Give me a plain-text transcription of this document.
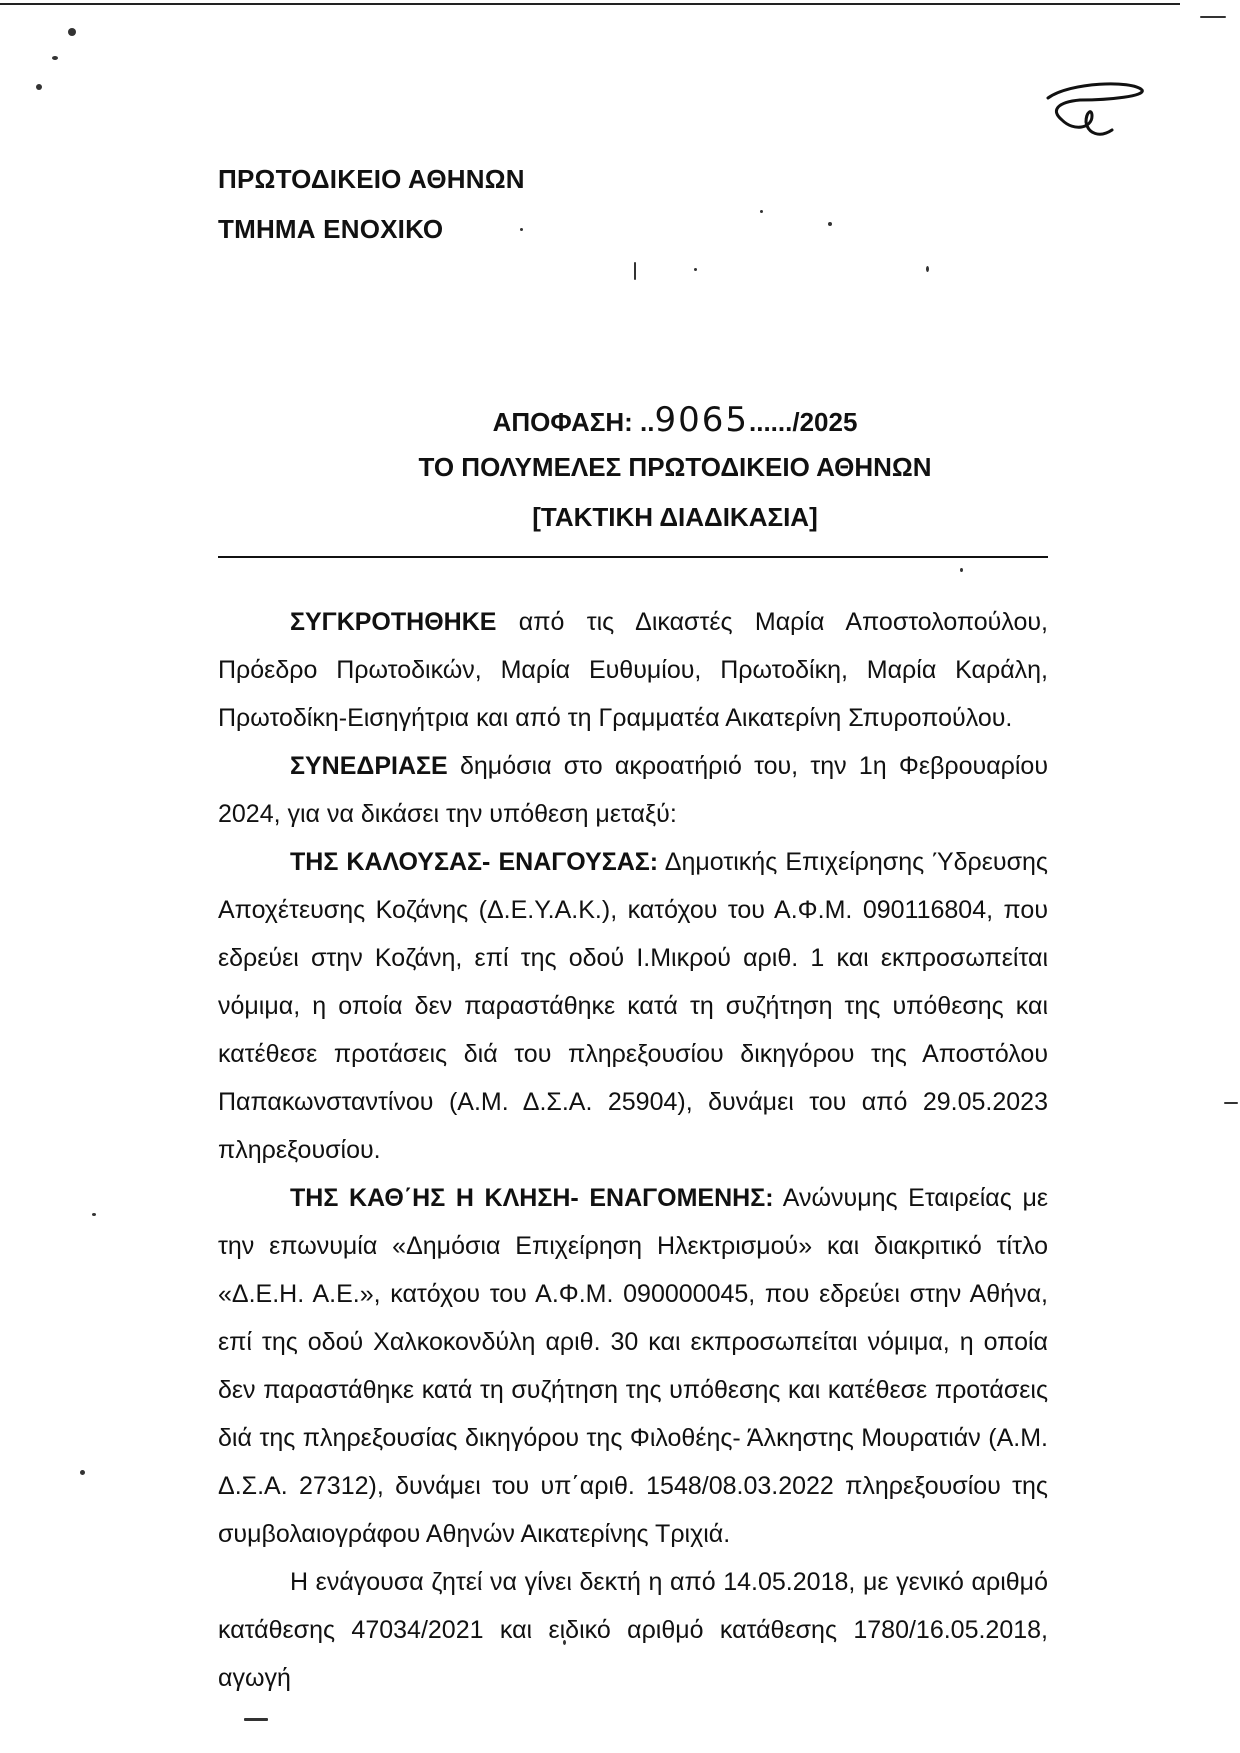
ΠΡΩΤΟΔΙΚΕΙΟ ΑΘΗΝΩΝ
ΤΜΗΜΑ ΕΝΟΧΙΚΟ
ΑΠΟΦΑΣΗ: ..9065....../2025
ΤΟ ΠΟΛΥΜΕΛΕΣ ΠΡΩΤΟΔΙΚΕΙΟ ΑΘΗΝΩΝ
[ΤΑΚΤΙΚΗ ΔΙΑΔΙΚΑΣΙΑ]

ΣΥΓΚΡΟΤΗΘΗΚΕ από τις Δικαστές Μαρία Αποστολοπούλου, Πρόεδρο Πρωτοδικών, Μαρία Ευθυμίου, Πρωτοδίκη, Μαρία Καράλη, Πρωτοδίκη-Εισηγήτρια και από τη Γραμματέα Αικατερίνη Σπυροπούλου.

ΣΥΝΕΔΡΙΑΣΕ δημόσια στο ακροατήριό του, την 1η Φεβρουαρίου 2024, για να δικάσει την υπόθεση μεταξύ:

ΤΗΣ ΚΑΛΟΥΣΑΣ- ΕΝΑΓΟΥΣΑΣ: Δημοτικής Επιχείρησης Ύδρευσης Αποχέτευσης Κοζάνης (Δ.Ε.Υ.Α.Κ.), κατόχου του Α.Φ.Μ. 090116804, που εδρεύει στην Κοζάνη, επί της οδού Ι.Μικρού αριθ. 1 και εκπροσωπείται νόμιμα, η οποία δεν παραστάθηκε κατά τη συζήτηση της υπόθεσης και κατέθεσε προτάσεις διά του πληρεξουσίου δικηγόρου της Αποστόλου Παπακωνσταντίνου (Α.Μ. Δ.Σ.Α. 25904), δυνάμει του από 29.05.2023 πληρεξουσίου.

ΤΗΣ ΚΑΘ΄ΗΣ Η ΚΛΗΣΗ- ΕΝΑΓΟΜΕΝΗΣ: Ανώνυμης Εταιρείας με την επωνυμία «Δημόσια Επιχείρηση Ηλεκτρισμού» και διακριτικό τίτλο «Δ.Ε.Η. Α.Ε.», κατόχου του Α.Φ.Μ. 090000045, που εδρεύει στην Αθήνα, επί της οδού Χαλκοκονδύλη αριθ. 30 και εκπροσωπείται νόμιμα, η οποία δεν παραστάθηκε κατά τη συζήτηση της υπόθεσης και κατέθεσε προτάσεις διά της πληρεξουσίας δικηγόρου της Φιλοθέης- Άλκηστης Μουρατιάν (Α.Μ. Δ.Σ.Α. 27312), δυνάμει του υπ΄αριθ. 1548/08.03.2022 πληρεξουσίου της συμβολαιογράφου Αθηνών Αικατερίνης Τριχιά.

Η ενάγουσα ζητεί να γίνει δεκτή η από 14.05.2018, με γενικό αριθμό κατάθεσης 47034/2021 και ειδικό αριθμό κατάθεσης 1780/16.05.2018, αγωγή
